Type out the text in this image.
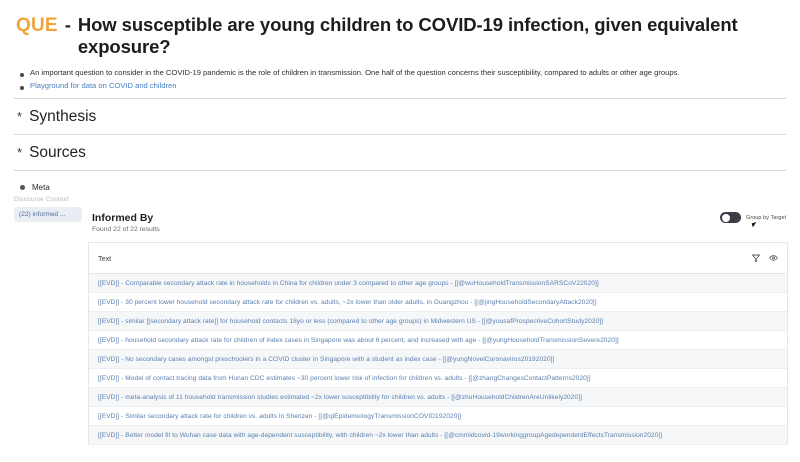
QUE - How susceptible are young children to COVID-19 infection, given equivalent exposure?
An important question to consider in the COVID-19 pandemic is the role of children in transmission. One half of the question concerns their susceptibility, compared to adults or other age groups.
Playground for data on COVID and children
* Synthesis
* Sources
Meta
Discourse Context
(22) informed ...	Informed By
Found 22 of 22 results
Group by Target
Text
[[EVD]] - Comparable secondary attack rate in households in China for children under 3 compared to other age groups - [[@wuHouseholdTransmissionSARSCoV22020]]
[[EVD]] - 30 percent lower household secondary attack rate for children vs. adults, ~2x lower than older adults, in Guangzhou - [[@jingHouseholdSecondaryAttack2020]]
[[EVD]] - similar [[secondary attack rate]] for household contacts 18yo or less (compared to other age groups) in Midwestern US - [[@yousafProspectiveCohortStudy2020]]
[[EVD]] - household secondary attack rate for children of index cases in Singapore was about 6 percent, and increased with age - [[@yungHouseholdTransmissionSevere2020]]
[[EVD]] - No secondary cases amongst preschoolers in a COVID cluster in Singapore with a student as index case - [[@yungNovelCoronavirus20192020]]
[[EVD]] - Model of contact tracing data from Hunan CDC estimates ~30 percent lower risk of infection for children vs. adults - [[@zhangChangesContactPatterns2020]]
[[EVD]] - meta-analysis of 11 household transmission studies estimated ~2x lower susceptibility for children vs. adults - [[@zhuHouseholdChildrenAreUnlikely2020]]
[[EVD]] - Similar secondary attack rate for children vs. adults in Shenzen - [[@qiEpidemiologyTransmissionCOVID192020]]
[[EVD]] - Better model fit to Wuhan case data with age-dependent susceptibility, with children ~2x lower than adults - [[@cmmidcovid-19workinggroupAgedependentEffectsTransmission2020]]
